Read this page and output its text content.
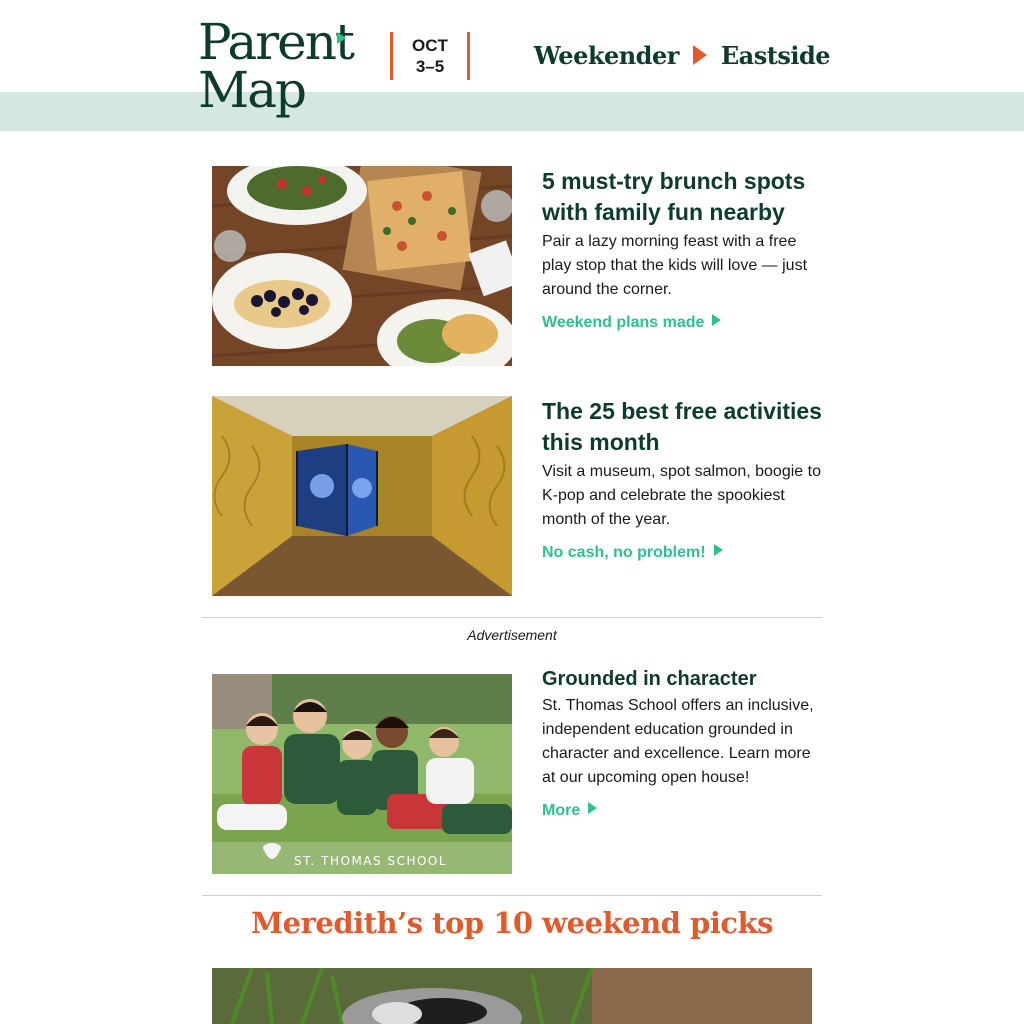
OCT
3–5	Weekender Eastside
Parent
Map
5 must-try brunch spots with family fun nearby

Pair a lazy morning feast with a free play stop that the kids will love — just around the corner.

Weekend plans made
The 25 best free activities this month

Visit a museum, spot salmon, boogie to K-pop and celebrate the spookiest month of the year.

No cash, no problem!
Advertisement
ST. THOMAS SCHOOL
Grounded in character

St. Thomas School offers an inclusive, independent education grounded in character and excellence. Learn more at our upcoming open house!

More
Meredith’s top 10 weekend picks
